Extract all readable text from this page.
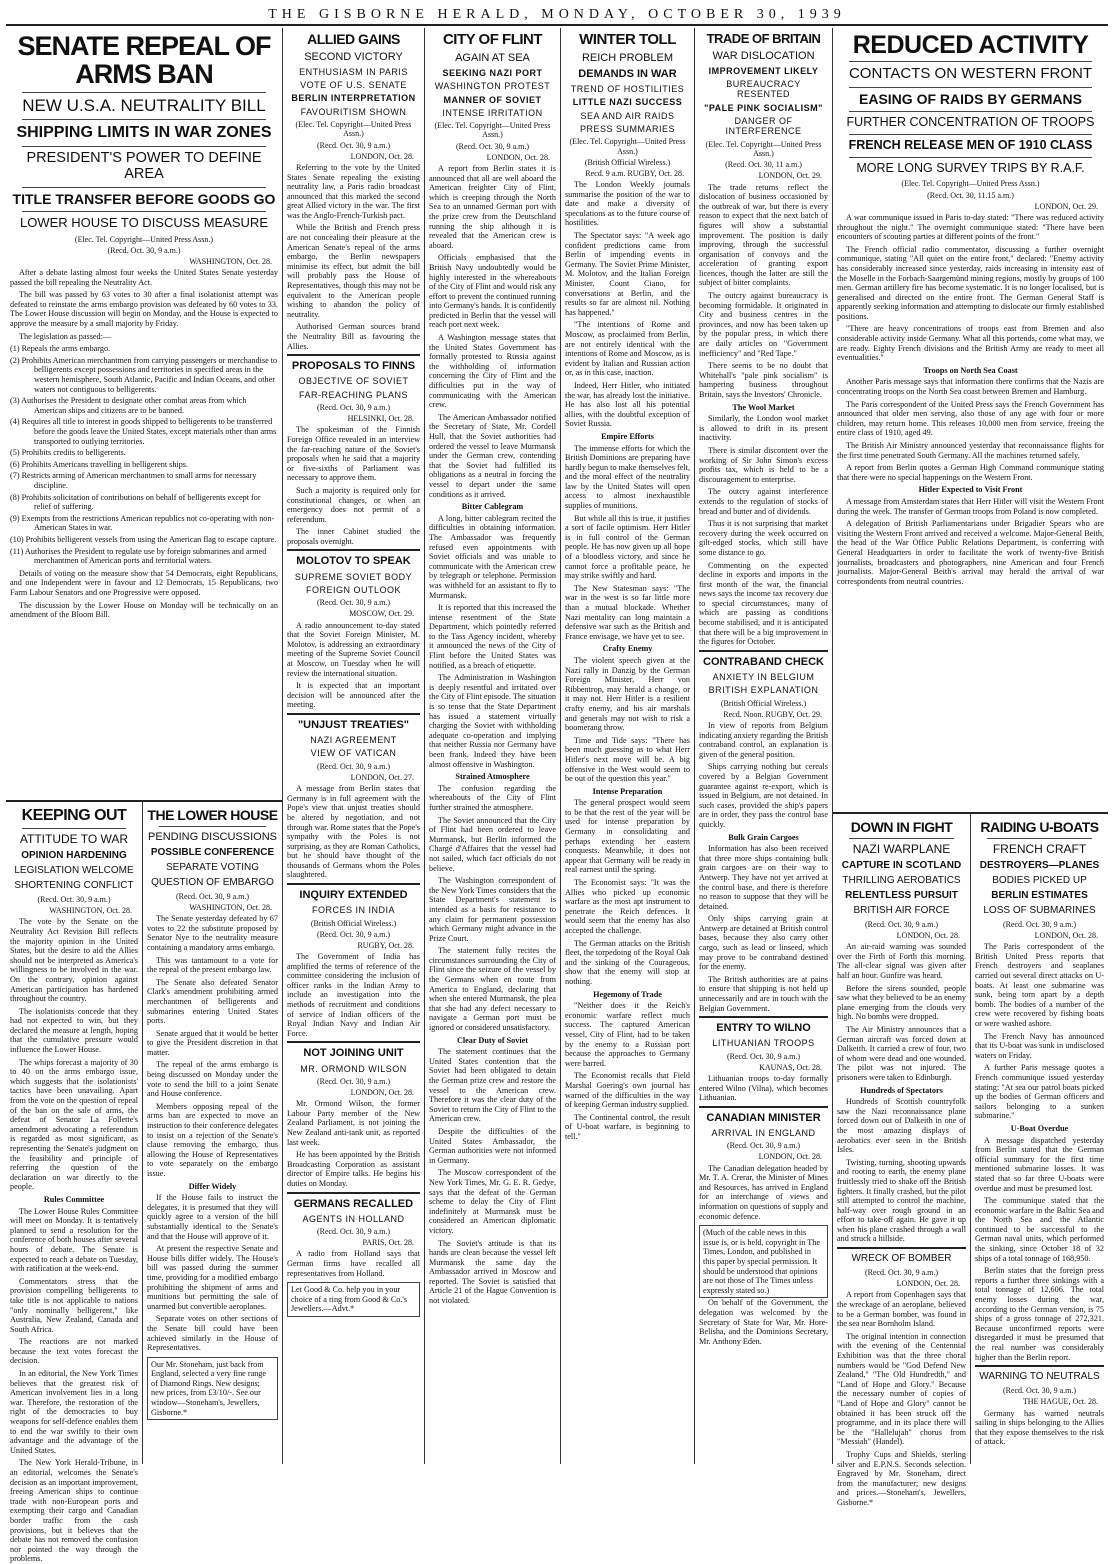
THE GISBORNE HERALD, MONDAY, OCTOBER 30, 1939
SENATE REPEAL OF ARMS BAN
NEW U.S.A. NEUTRALITY BILL
SHIPPING LIMITS IN WAR ZONES
PRESIDENT'S POWER TO DEFINE AREA
TITLE TRANSFER BEFORE GOODS GO
LOWER HOUSE TO DISCUSS MEASURE
(Elec. Tel. Copyright—United Press Assn.)
(Recd. Oct. 30, 9 a.m.)
WASHINGTON, Oct. 28.

After a debate lasting almost four weeks the United States Senate yesterday passed the bill repealing the Neutrality Act.

The bill was passed by 63 votes to 30 after a final isolationist attempt was defeated to reinstate the arms embargo provision was defeated by 60 votes to 33. The Lower House discussion will begin on Monday, and the House is expected to approve the measure by a small majority by Friday.

The legislation as passed:—

(1) Repeals the arms embargo.
(2) Prohibits American merchantmen from carrying passengers or merchandise to belligerents except possessions and territories in specified areas in the western hemisphere, South Atlantic, Pacific and Indian Oceans, and other waters not contiguous to belligerents.
(3) Authorises the President to designate other combat areas from which American ships and citizens are to be banned.
(4) Requires all title to interest in goods shipped to belligerents to be transferred before the goods leave the United States, except materials other than arms transported to outlying territories.
(5) Prohibits credits to belligerents.
(6) Prohibits Americans travelling in belligerent ships.
(7) Restricts arming of American merchantmen to small arms for necessary discipline.
(8) Prohibits solicitation of contributions on behalf of belligerents except for relief of suffering.
(9) Exempts from the restrictions American republics not co-operating with non-American States in war.
(10) Prohibits belligerent vessels from using the American flag to escape capture.
(11) Authorises the President to regulate use by foreign submarines and armed merchantmen of American ports and territorial waters.

Details of voting on the measure show that 54 Democrats, eight Republicans, and one Independent were in favour and 12 Democrats, 15 Republicans, two Farm Labour Senators and one Progressive were opposed.

The discussion by the Lower House on Monday will be technically on an amendment of the Bloom Bill.

KEEPING OUT
ATTITUDE TO WAR
OPINION HARDENING
LEGISLATION WELCOME
SHORTENING CONFLICT
(Recd. Oct. 30, 9 a.m.)
WASHINGTON, Oct. 28.

The vote by the Senate on the Neutrality Act Revision Bill reflects the majority opinion in the United States, but the desire to aid the Allies should not be interpreted as America's willingness to be involved in the war. On the contrary, opinion against American participation has hardened throughout the country.

The isolationists concede that they had not expected to win, but they declared the measure at length, hoping that the cumulative pressure would influence the Lower House.

The whips forecast a majority of 30 to 40 on the arms embargo issue, which suggests that the isolationists' tactics have been unavailing. Apart from the vote on the question of repeal of the ban on the sale of arms, the defeat of Senator La Follette's amendment advocating a referendum is regarded as most significant, as representing the Senate's judgment on the feasibility and principle of referring the question of the declaration on war directly to the people.

Rules Committee

The Lower House Rules Committee will meet on Monday. It is tentatively planned to send a resolution for the conference of both houses after several hours of debate. The Senate is expected to reach a debate on Tuesday, with ratification at the week-end.

Commentators stress that the provision compelling belligerents to take title is not applicable to nations "only nominally belligerent," like Australia, New Zealand, Canada and South Africa.

The reactions are not marked because the text votes forecast the decision.

In an editorial, the New York Times believes that the greatest risk of American involvement lies in a long war. Therefore, the restoration of the right of the democracies to buy weapons for self-defence enables them to end the war swiftly to their own advantage and the advantage of the United States.

The New York Herald-Tribune, in an editorial, welcomes the Senate's decision as an important improvement, freeing American ships to continue trade with non-European ports and exempting their cargo and Canadian border traffic from the cash provisions, but it believes that the debate has not removed the confusion nor pointed the way through the problems.

THE LOWER HOUSE
PENDING DISCUSSIONS
POSSIBLE CONFERENCE
SEPARATE VOTING
QUESTION OF EMBARGO
(Recd. Oct. 30, 9 a.m.)
WASHINGTON, Oct. 28.

The Senate yesterday defeated by 67 votes to 22 the substitute proposed by Senator Nye to the neutrality measure containing a mandatory arms embargo.

This was tantamount to a vote for the repeal of the present embargo law.

The Senate also defeated Senator Clark's amendment prohibiting armed merchantmen of belligerents and submarines entering United States ports.

Senate argued that it would be better to give the President discretion in that matter.

The repeal of the arms embargo is being discussed on Monday under the vote to send the bill to a joint Senate and House conference.

Members opposing repeal of the arms ban are expected to move an instruction to their conference delegates to insist on a rejection of the Senate's clause removing the embargo, thus allowing the House of Representatives to vote separately on the embargo issue.

Differ Widely

If the House fails to instruct the delegates, it is presumed that they will quickly agree to a version of the bill substantially identical to the Senate's and that the House will approve of it.

At present the respective Senate and House bills differ widely. The House's bill was passed during the summer time, providing for a modified embargo prohibiting the shipment of arms and munitions but permitting the sale of unarmed but convertible aeroplanes.

Separate votes on other sections of the Senate bill could have been achieved similarly in the House of Representatives.

Our Mr. Stoneham, just back from England, selected a very fine range of Diamond Rings. New designs; new prices, from £3/10/-. See our window—Stoneham's, Jewellers, Gisborne.*
ALLIED GAINS
SECOND VICTORY
ENTHUSIASM IN PARIS
VOTE OF U.S. SENATE
BERLIN INTERPRETATION
FAVOURITISM SHOWN
(Elec. Tel. Copyright—United Press Assn.)
(Recd. Oct. 30, 9 a.m.)
LONDON, Oct. 28.

Referring to the vote by the United States Senate repealing the existing neutrality law, a Paris radio broadcast announced that this marked the second great Allied victory in the war. The first was the Anglo-French-Turkish pact.

While the British and French press are not concealing their pleasure at the American Senate's repeal of the arms embargo, the Berlin newspapers minimise its effect, but admit the bill will probably pass the House of Representatives, though this may not be equivalent to the American people wishing to abandon the policy of neutrality.

Authorised German sources brand the Neutrality Bill as favouring the Allies.

PROPOSALS TO FINNS
OBJECTIVE OF SOVIET
FAR-REACHING PLANS
(Recd. Oct. 30, 9 a.m.)
HELSINKI, Oct. 28.

The spokesman of the Finnish Foreign Office revealed in an interview the far-reaching nature of the Soviet's proposals when he said that a majority or five-sixths of Parliament was necessary to approve them.

Such a majority is required only for constitutional changes, or when an emergency does not permit of a referendum.

The inner Cabinet studied the proposals overnight.

MOLOTOV TO SPEAK
SUPREME SOVIET BODY
FOREIGN OUTLOOK
(Recd. Oct. 30, 9 a.m.)
MOSCOW, Oct. 29.

A radio announcement to-day stated that the Soviet Foreign Minister, M. Molotov, is addressing an extraordinary meeting of the Supreme Soviet Council at Moscow, on Tuesday when he will review the international situation.

It is expected that an important decision will be announced after the meeting.

"UNJUST TREATIES"
NAZI AGREEMENT
VIEW OF VATICAN
(Recd. Oct. 30, 9 a.m.)
LONDON, Oct. 27.

A message from Berlin states that Germany is in full agreement with the Pope's view that unjust treaties should be altered by negotiation, and not through war. Rome states that the Pope's sympathy with the Poles is not surprising, as they are Roman Catholics, but he should have thought of the thousands of Germans whom the Poles slaughtered.

INQUIRY EXTENDED
FORCES IN INDIA
(British Official Wireless.)
(Recd. Oct. 30, 9 a.m.)
RUGBY, Oct. 28.

The Government of India has amplified the terms of reference of the committee considering the inclusion of officer ranks in the Indian Army to include an investigation into the methods of recruitment and conditions of service of Indian officers of the Royal Indian Navy and Indian Air Force.

NOT JOINING UNIT
MR. ORMOND WILSON
(Recd. Oct. 30, 9 a.m.)
LONDON, Oct. 28.

Mr. Ormond Wilson, the former Labour Party member of the New Zealand Parliament, is not joining the New Zealand anti-tank unit, as reported last week.

He has been appointed by the British Broadcasting Corporation as assistant director of Empire talks. He begins his duties on Monday.

GERMANS RECALLED
AGENTS IN HOLLAND
(Recd. Oct. 30, 9 a.m.)
PARIS, Oct. 28.

A radio from Holland says that German firms have recalled all representatives from Holland.

Let Good & Co. help you in your choice of a ring from Good & Co.'s Jewellers.—Advt.*
CITY OF FLINT
AGAIN AT SEA
SEEKING NAZI PORT
WASHINGTON PROTEST
MANNER OF SOVIET
INTENSE IRRITATION
(Elec. Tel. Copyright—United Press Assn.)
(Recd. Oct. 30, 9 a.m.)
LONDON, Oct. 28.

A report from Berlin states it is announced that all are well aboard the American freighter City of Flint, which is creeping through the North Sea to an unnamed German port with the prize crew from the Deutschland running the ship although it is revealed that the American crew is aboard.

Officials emphasised that the British Navy undoubtedly would be highly interested in the whereabouts of the City of Flint and would risk any effort to prevent the continued running into Germany's hands. It is confidently predicted in Berlin that the vessel will reach port next week.

A Washington message states that the United States Government has formally protested to Russia against the withholding of information concerning the City of Flint and the difficulties put in the way of communicating with the American crew.

The American Ambassador notified the Secretary of State, Mr. Cordell Hull, that the Soviet authorities had ordered the vessel to leave Murmansk under the German crew, contending that the Soviet had fulfilled its obligations as a neutral in forcing the vessel to depart under the same conditions as it arrived.

Bitter Cablegram

A long, bitter cablegram recited the difficulties in obtaining information. The Ambassador was frequently refused even appointments with Soviet officials and was unable to communicate with the American crew by telegraph or telephone. Permission was withheld for an assistant to fly to Murmansk.

It is reported that this increased the intense resentment of the State Department, which pointedly referred to the Tass Agency incident, whereby it announced the news of the City of Flint before the United States was notified, as a breach of etiquette.

The Administration in Washington is deeply resentful and irritated over the City of Flint episode. The situation is so tense that the State Department has issued a statement virtually charging the Soviet with withholding adequate co-operation and implying that neither Russia nor Germany have been frank. Indeed they have been almost offensive in Washington.

Strained Atmosphere

The confusion regarding the whereabouts of the City of Flint further strained the atmosphere.

The Soviet announced that the City of Flint had been ordered to leave Murmansk, but Berlin informed the Chargé d'Affaires that the vessel had not sailed, which fact officials do not believe.

The Washington correspondent of the New York Times considers that the State Department's statement is intended as a basis for resistance to any claim for permanent possession which Germany might advance in the Prize Court.

The statement fully recites the circumstances surrounding the City of Flint since the seizure of the vessel by the Germans when en route from America to England, declaring that when she entered Murmansk, the plea that she had any defect necessary to navigate a German port must be ignored or considered unsatisfactory.

Clear Duty of Soviet

The statement continues that the United States contention that the Soviet had been obligated to detain the German prize crew and restore the vessel to the American crew. Therefore it was the clear duty of the Soviet to return the City of Flint to the American crew.

Despite the difficulties of the United States Ambassador, the German authorities were not informed in Germany.

The Moscow correspondent of the New York Times, Mr. G. E. R. Gedye, says that the defeat of the German scheme to delay the City of Flint indefinitely at Murmansk must be considered an American diplomatic victory.

The Soviet's attitude is that its hands are clean because the vessel left Murmansk the same day the Ambassador arrived in Moscow and reported. The Soviet is satisfied that Article 21 of the Hague Convention is not violated.

WINTER TOLL
REICH PROBLEM
DEMANDS IN WAR
TREND OF HOSTILITIES
LITTLE NAZI SUCCESS
SEA AND AIR RAIDS
PRESS SUMMARIES
(Elec. Tel. Copyright—United Press Assn.)
(British Official Wireless.)
Recd. 9 a.m. RUGBY, Oct. 28.

The London Weekly journals summarise the position of the war to date and make a diversity of speculations as to the future course of hostilities.

The Spectator says: "A week ago confident predictions came from Berlin of impending events in Germany. The Soviet Prime Minister, M. Molotov, and the Italian Foreign Minister, Count Ciano, for conversations at Berlin, and the results so far are almost nil. Nothing has happened."

"The intentions of Rome and Moscow, as proclaimed from Berlin, are not entirely identical with the intentions of Rome and Moscow, as is evident by Italian and Russian action or, as in this case, inaction.

Indeed, Herr Hitler, who initiated the war, has already lost the initiative. He has also lost all his potential allies, with the doubtful exception of Soviet Russia.

Empire Efforts

The immense efforts for which the British Dominions are preparing have hardly begun to make themselves felt, and the moral effect of the neutrality law by the United States will open access to almost inexhaustible supplies of munitions.

But while all this is true, it justifies a sort of facile optimism. Herr Hitler is in full control of the German people. He has now given up all hope of a bloodless victory, and since he cannot force a profitable peace, he may strike swiftly and hard.

The New Statesman says: "The war in the west is so far little more than a mutual blockade. Whether Nazi mentality can long maintain a defensive war such as the British and France envisage, we have yet to see.

Crafty Enemy

The violent speech given at the Nazi rally in Danzig by the German Foreign Minister, Herr von Ribbentrop, may herald a change, or it may not. Herr Hitler is a resilient crafty enemy, and his air marshals and generals may not wish to risk a boomerang throw.

Time and Tide says: "There has been much guessing as to what Herr Hitler's next move will be. A big offensive in the West would seem to be out of the question this year."

Intense Preparation

The general prospect would seem to be that the rest of the year will be used for intense preparation by Germany in consolidating and perhaps extending her eastern conquests. Meanwhile, it does not appear that Germany will be ready in real earnest until the spring.

The Economist says: "It was the Allies who picked up economic warfare as the most apt instrument to penetrate the Reich defences. It would seem that the enemy has also accepted the challenge.

The German attacks on the British fleet, the torpedoing of the Royal Oak and the sinking of the Courageous, show that the enemy will stop at nothing.

Hegemony of Trade

"Neither does it the Reich's economic warfare reflect much success. The captured American vessel, City of Flint, had to be taken by the enemy to a Russian port because the approaches to Germany were barred.

The Economist recalls that Field Marshal Goering's own journal has warned of the difficulties in the way of keeping German industry supplied.

The Continental control, the result of U-boat warfare, is beginning to tell."

TRADE OF BRITAIN
WAR DISLOCATION
IMPROVEMENT LIKELY
BUREAUCRACY RESENTED
"PALE PINK SOCIALISM"
DANGER OF INTERFERENCE
(Elec. Tel. Copyright—United Press Assn.)
(Recd. Oct. 30, 11 a.m.)
LONDON, Oct. 29.

The trade returns reflect the dislocation of business occasioned by the outbreak of war, but there is every reason to expect that the next batch of figures will show a substantial improvement. The position is daily improving, through the successful organisation of convoys and the acceleration of granting export licences, though the latter are still the subject of bitter complaints.

The outcry against bureaucracy is becoming formidable. It originated in City and business centres in the provinces, and now has been taken up by the popular press, in which there are daily articles on "Government inefficiency" and "Red Tape."

There seems to be no doubt that Whitehall's "pale pink socialism" is hampering business throughout Britain, says the Investors' Chronicle.

The Wool Market

Similarly, the London wool market is allowed to drift in its present inactivity.

There is similar discontent over the working of Sir John Simon's excess profits tax, which is held to be a discouragement to enterprise.

The outcry against interference extends to the regulation of stocks of bread and butter and of dividends.

Thus it is not surprising that market recovery during the week occurred on gilt-edged stocks, which still have some distance to go.

Commenting on the expected decline in exports and imports in the first month of the war, the financial news says the income tax recovery due to special circumstances, many of which are passing as conditions become stabilised, and it is anticipated that there will be a big improvement in the figures for October.

CONTRABAND CHECK
ANXIETY IN BELGIUM
BRITISH EXPLANATION
(British Official Wireless.)
Recd. Noon. RUGBY, Oct. 29.

In view of reports from Belgium indicating anxiety regarding the British contraband control, an explanation is given of the general position.

Ships carrying nothing but cereals covered by a Belgian Government guarantee against re-export, which is issued in Belgium, are not detained. In such cases, provided the ship's papers are in order, they pass the control base quickly.

Bulk Grain Cargoes

Information has also been received that three more ships containing bulk grain cargoes are on their way to Antwerp. They have not yet arrived at the control base, and there is therefore no reason to suppose that they will be detained.

Only ships carrying grain at Antwerp are detained at British control bases, because they also carry other cargo, such as lead or linseed, which may prove to be contraband destined for the enemy.

The British authorities are at pains to ensure that shipping is not held up unnecessarily and are in touch with the Belgian Government.

ENTRY TO WILNO
LITHUANIAN TROOPS
(Recd. Oct. 30, 9 a.m.)
KAUNAS, Oct. 28.

Lithuanian troops to-day formally entered Wilno (Vilna), which becomes Lithuanian.

CANADIAN MINISTER
ARRIVAL IN ENGLAND
(Recd. Oct. 30, 9 a.m.)
LONDON, Oct. 28.

The Canadian delegation headed by Mr. T. A. Crerar, the Minister of Mines and Resources, has arrived in England for an interchange of views and information on questions of supply and economic defence.

(Much of the cable news in this issue is, or is held, copyright in The Times, London, and published in this paper by special permission. It should be understood that opinions are not those of The Times unless expressly stated so.)

On behalf of the Government, the delegation was welcomed by the Secretary of State for War, Mr. Hore-Belisha, and the Dominions Secretary, Mr. Anthony Eden.

REDUCED ACTIVITY
CONTACTS ON WESTERN FRONT
EASING OF RAIDS BY GERMANS
FURTHER CONCENTRATION OF TROOPS
FRENCH RELEASE MEN OF 1910 CLASS
MORE LONG SURVEY TRIPS BY R.A.F.
(Elec. Tel. Copyright—United Press Assn.)
(Recd. Oct. 30, 11.15 a.m.)
LONDON, Oct. 29.

A war communique issued in Paris to-day stated: "There was reduced activity throughout the night." The overnight communique stated: "There have been encounters of scouting parties at different points of the front."

The French official radio commentator, discussing a further overnight communique, stating "All quiet on the entire front," declared: "Enemy activity has considerably increased since yesterday, raids increasing in intensity east of the Moselle in the Forbach-Saargemünd mining regions, mostly by groups of 100 men. German artillery fire has become systematic. It is no longer localised, but is generalised and directed on the entire front. The German General Staff is apparently seeking information and attempting to dislocate our firmly established positions.

"There are heavy concentrations of troops east from Bremen and also considerable activity inside Germany. What all this portends, come what may, we are ready. Eighty French divisions and the British Army are ready to meet all eventualities."

Troops on North Sea Coast

Another Paris message says that information there confirms that the Nazis are concentrating troops on the North Sea coast between Bremen and Hamburg.

The Paris correspondent of the United Press says the French Government has announced that older men serving, also those of any age with four or more children, may return home. This releases 10,000 men from service, freeing the entire class of 1910, aged 49.

The British Air Ministry announced yesterday that reconnaissance flights for the first time penetrated South Germany. All the machines returned safely.

A report from Berlin quotes a German High Command communique stating that there were no special happenings on the Western Front.

Hitler Expected to Visit Front

A message from Amsterdam states that Herr Hitler will visit the Western Front during the week. The transfer of German troops from Poland is now completed.

A delegation of British Parliamentarians under Brigadier Spears who are visiting the Western Front arrived and received a welcome. Major-General Beith, the head of the War Office Public Relations Department, is conferring with General Headquarters in order to facilitate the work of twenty-five British journalists, broadcasters and photographers, nine American and four French journalists. Major-General Beith's arrival may herald the arrival of war correspondents from neutral countries.

DOWN IN FIGHT
NAZI WARPLANE
CAPTURE IN SCOTLAND
THRILLING AEROBATICS
RELENTLESS PURSUIT
BRITISH AIR FORCE
(Recd. Oct. 30, 9 a.m.)
LONDON, Oct. 28.

An air-raid warning was sounded over the Firth of Forth this morning. The all-clear signal was given after half an hour. Gunfire was heard.

Before the sirens sounded, people saw what they believed to be an enemy plane emerging from the clouds very high. No bombs were dropped.

The Air Ministry announces that a German aircraft was forced down at Dalkeith. It carried a crew of four, two of whom were dead and one wounded. The pilot was not injured. The prisoners were taken to Edinburgh.

Hundreds of Spectators

Hundreds of Scottish countryfolk saw the Nazi reconnaissance plane forced down out of Dalkeith in one of the most amazing displays of aerobatics ever seen in the British Isles.

Twisting, turning, shooting upwards and rooting to earth, the enemy plane fruitlessly tried to shake off the British fighters. It finally crashed, but the pilot still attempted to control the machine, half-way over rough ground in an effort to take-off again. He gave it up when his plane crashed through a wall and struck a hillside.

WRECK OF BOMBER
(Recd. Oct. 30, 9 a.m.)
LONDON, Oct. 28.

A report from Copenhagen says that the wreckage of an aeroplane, believed to be a German bomber, was found in the sea near Bornholm Island.

The original intention in connection with the evening of the Centennial Exhibition was that the three choral numbers would be "God Defend New Zealand," "The Old Hundredth," and "Land of Hope and Glory." Because the necessary number of copies of "Land of Hope and Glory" cannot be obtained it has been struck off the programme, and in its place there will be the "Hallelujah" chorus from "Messiah" (Handel).

Trophy Cups and Shields, sterling silver and E.P.N.S. Seconds selection. Engraved by Mr. Stoneham, direct from the manufacturer; new designs and prices.—Stoneham's, Jewellers, Gisborne.*

RAIDING U-BOATS
FRENCH CRAFT
DESTROYERS—PLANES
BODIES PICKED UP
BERLIN ESTIMATES
LOSS OF SUBMARINES
(Recd. Oct. 30, 9 a.m.)
LONDON, Oct. 28.

The Paris correspondent of the British United Press reports that French destroyers and seaplanes carried out several direct attacks on U-boats. At least one submarine was sunk, being torn apart by a depth bomb. The bodies of a number of the crew were recovered by fishing boats or were washed ashore.

The French Navy has announced that its U-boat was sunk in undisclosed waters on Friday.

A further Paris message quotes a French communique issued yesterday stating: "At sea our patrol boats picked up the bodies of German officers and sailors belonging to a sunken submarine."

U-Boat Overdue

A message dispatched yesterday from Berlin stated that the German official summary for the first time mentioned submarine losses. It was stated that so far three U-boats were overdue and must be presumed lost.

The communique stated that the economic warfare in the Baltic Sea and the North Sea and the Atlantic continued to be successful to the German naval units, which performed the sinking, since October 18 of 32 ships of a total tonnage of 168,950.

Berlin states that the foreign press reports a further three sinkings with a total tonnage of 12,606. The total enemy losses during the war, according to the German version, is 75 ships of a gross tonnage of 272,321. Because unconfirmed reports were disregarded it must be presumed that the real number was considerably higher than the Berlin report.

WARNING TO NEUTRALS
(Recd. Oct. 30, 9 a.m.)
THE HAGUE, Oct. 28.

Germany has warned neutrals sailing in ships belonging to the Allies that they expose themselves to the risk of attack.
